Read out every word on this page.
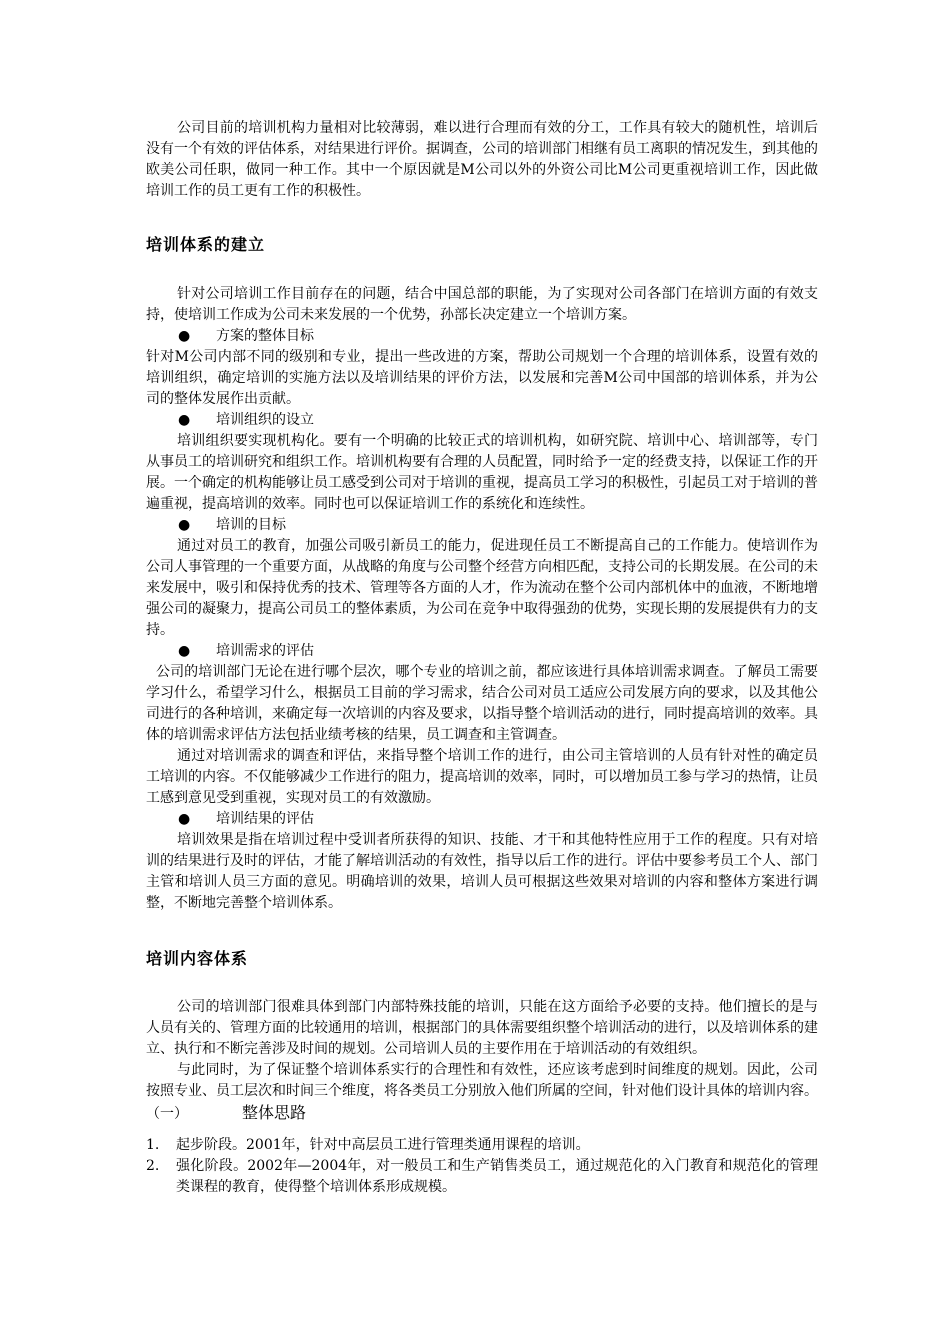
公司目前的培训机构力量相对比较薄弱，难以进行合理而有效的分工，工作具有较大的随机性，培训后没有一个有效的评估体系，对结果进行评价。据调查，公司的培训部门相继有员工离职的情况发生，到其他的欧美公司任职，做同一种工作。其中一个原因就是M公司以外的外资公司比M公司更重视培训工作，因此做培训工作的员工更有工作的积极性。

培训体系的建立

针对公司培训工作目前存在的问题，结合中国总部的职能，为了实现对公司各部门在培训方面的有效支持，使培训工作成为公司未来发展的一个优势，孙部长决定建立一个培训方案。

● 方案的整体目标

针对M公司内部不同的级别和专业，提出一些改进的方案，帮助公司规划一个合理的培训体系，设置有效的培训组织，确定培训的实施方法以及培训结果的评价方法，以发展和完善M公司中国部的培训体系，并为公司的整体发展作出贡献。

● 培训组织的设立

培训组织要实现机构化。要有一个明确的比较正式的培训机构，如研究院、培训中心、培训部等，专门从事员工的培训研究和组织工作。培训机构要有合理的人员配置，同时给予一定的经费支持，以保证工作的开展。一个确定的机构能够让员工感受到公司对于培训的重视，提高员工学习的积极性，引起员工对于培训的普遍重视，提高培训的效率。同时也可以保证培训工作的系统化和连续性。

● 培训的目标

通过对员工的教育，加强公司吸引新员工的能力，促进现任员工不断提高自己的工作能力。使培训作为公司人事管理的一个重要方面，从战略的角度与公司整个经营方向相匹配，支持公司的长期发展。在公司的未来发展中，吸引和保持优秀的技术、管理等各方面的人才，作为流动在整个公司内部机体中的血液，不断地增强公司的凝聚力，提高公司员工的整体素质，为公司在竞争中取得强劲的优势，实现长期的发展提供有力的支持。

● 培训需求的评估

公司的培训部门无论在进行哪个层次，哪个专业的培训之前，都应该进行具体培训需求调查。了解员工需要学习什么，希望学习什么，根据员工目前的学习需求，结合公司对员工适应公司发展方向的要求，以及其他公司进行的各种培训，来确定每一次培训的内容及要求，以指导整个培训活动的进行，同时提高培训的效率。具体的培训需求评估方法包括业绩考核的结果，员工调查和主管调查。

通过对培训需求的调查和评估，来指导整个培训工作的进行，由公司主管培训的人员有针对性的确定员工培训的内容。不仅能够减少工作进行的阻力，提高培训的效率，同时，可以增加员工参与学习的热情，让员工感到意见受到重视，实现对员工的有效激励。

● 培训结果的评估

培训效果是指在培训过程中受训者所获得的知识、技能、才干和其他特性应用于工作的程度。只有对培训的结果进行及时的评估，才能了解培训活动的有效性，指导以后工作的进行。评估中要参考员工个人、部门主管和培训人员三方面的意见。明确培训的效果，培训人员可根据这些效果对培训的内容和整体方案进行调整，不断地完善整个培训体系。

培训内容体系

公司的培训部门很难具体到部门内部特殊技能的培训，只能在这方面给予必要的支持。他们擅长的是与人员有关的、管理方面的比较通用的培训，根据部门的具体需要组织整个培训活动的进行，以及培训体系的建立、执行和不断完善涉及时间的规划。公司培训人员的主要作用在于培训活动的有效组织。

与此同时，为了保证整个培训体系实行的合理性和有效性，还应该考虑到时间维度的规划。因此，公司按照专业、员工层次和时间三个维度，将各类员工分别放入他们所属的空间，针对他们设计具体的培训内容。

（一）	整体思路
1.	起步阶段。2001年，针对中高层员工进行管理类通用课程的培训。
2.	强化阶段。2002年—2004年，对一般员工和生产销售类员工，通过规范化的入门教育和规范化的管理类课程的教育，使得整个培训体系形成规模。
